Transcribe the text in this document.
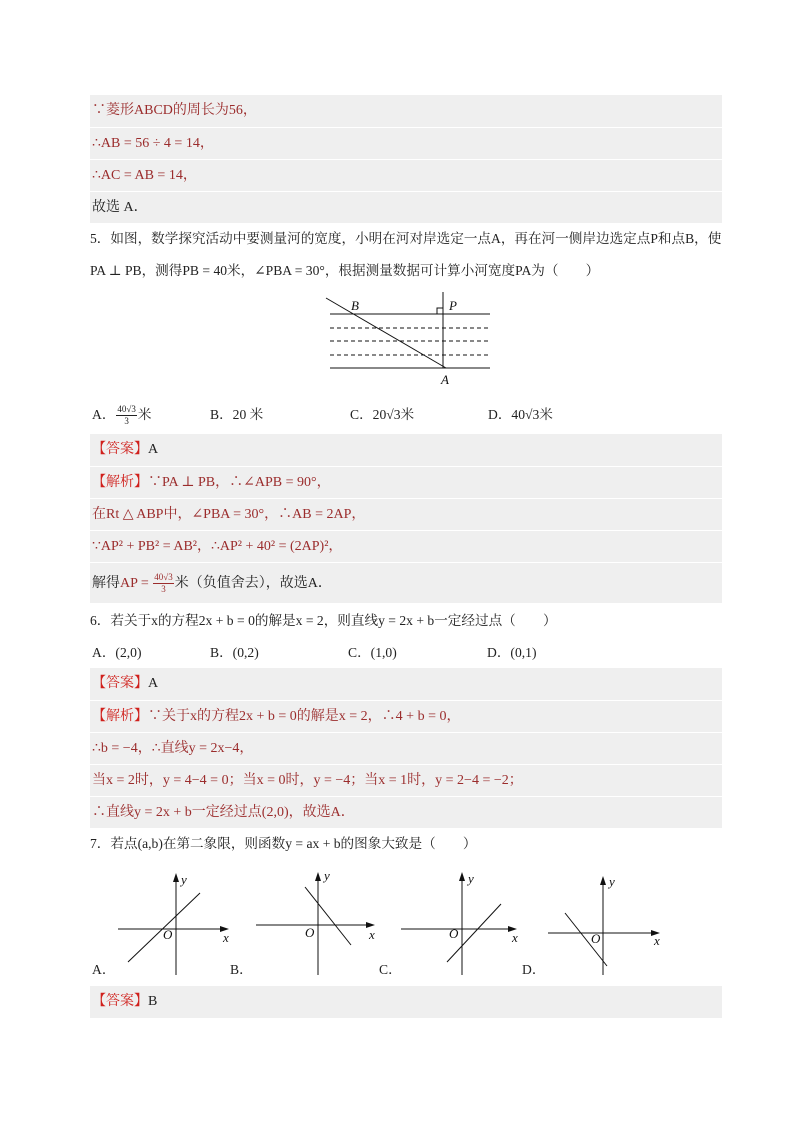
∵菱形ABCD的周长为56，
∴AB = 56 ÷ 4 = 14，
∴AC = AB = 14，
故选 A．
5．如图，数学探究活动中要测量河的宽度，小明在河对岸选定一点A，再在河一侧岸边选定点P和点B，使
PA ⊥ PB，测得PB = 40米，∠PBA = 30°，根据测量数据可计算小河宽度PA为（　　）
B	P
A
A． $\frac{40√3}{3}$ 米	B．20 米	C．20√3米	D．40√3米
【答案】A
【解析】∵PA ⊥ PB，∴∠APB = 90°，
在Rt △ ABP中，∠PBA = 30°，∴AB = 2AP，
∵AP² + PB² = AB²，∴AP² + 40² = (2AP)²，
解得AP = $\frac{40√3}{3}$ 米（负值舍去），故选A．
6．若关于x的方程2x + b = 0的解是x = 2，则直线y = 2x + b一定经过点（　　）
A．(2,0)	B．(0,2)	C．(1,0)	D．(0,1)
【答案】A
【解析】∵关于x的方程2x + b = 0的解是x = 2，∴4 + b = 0，
∴b = −4，∴直线y = 2x−4，
当x = 2时，y = 4−4 = 0；当x = 0时，y = −4；当x = 1时，y = 2−4 = −2；
∴直线y = 2x + b一定经过点(2,0)，故选A．
7．若点(a,b)在第二象限，则函数y = ax + b的图象大致是（　　）
y
x
O
y
x
O
y
x
O
y
x
O
A．	B．	C．	D．
【答案】B
